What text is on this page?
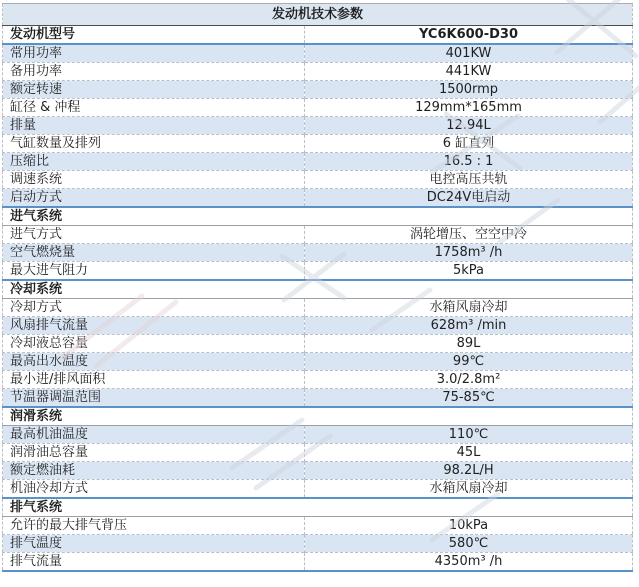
发动机技术参数	
发动机型号	YC6K600-D30
常用功率	401KW
备用功率	441KW
额定转速	1500rmp
缸径 & 冲程	129mm*165mm
排量	12.94L
气缸数量及排列	6 缸直列
压缩比	16.5 : 1
调速系统	电控高压共轨
启动方式	DC24V电启动
进气系统	
进气方式	涡轮增压、空空中冷
空气燃烧量	1758m³ /h
最大进气阻力	5kPa
冷却系统	
冷却方式	水箱风扇冷却
风扇排气流量	628m³ /min
冷却液总容量	89L
最高出水温度	99℃
最小进/排风面积	3.0/2.8m²
节温器调温范围	75-85℃
润滑系统	
最高机油温度	110℃
润滑油总容量	45L
额定燃油耗	98.2L/H
机油冷却方式	水箱风扇冷却
排气系统	
允许的最大排气背压	10kPa
排气温度	580℃
排气流量	4350m³ /h
